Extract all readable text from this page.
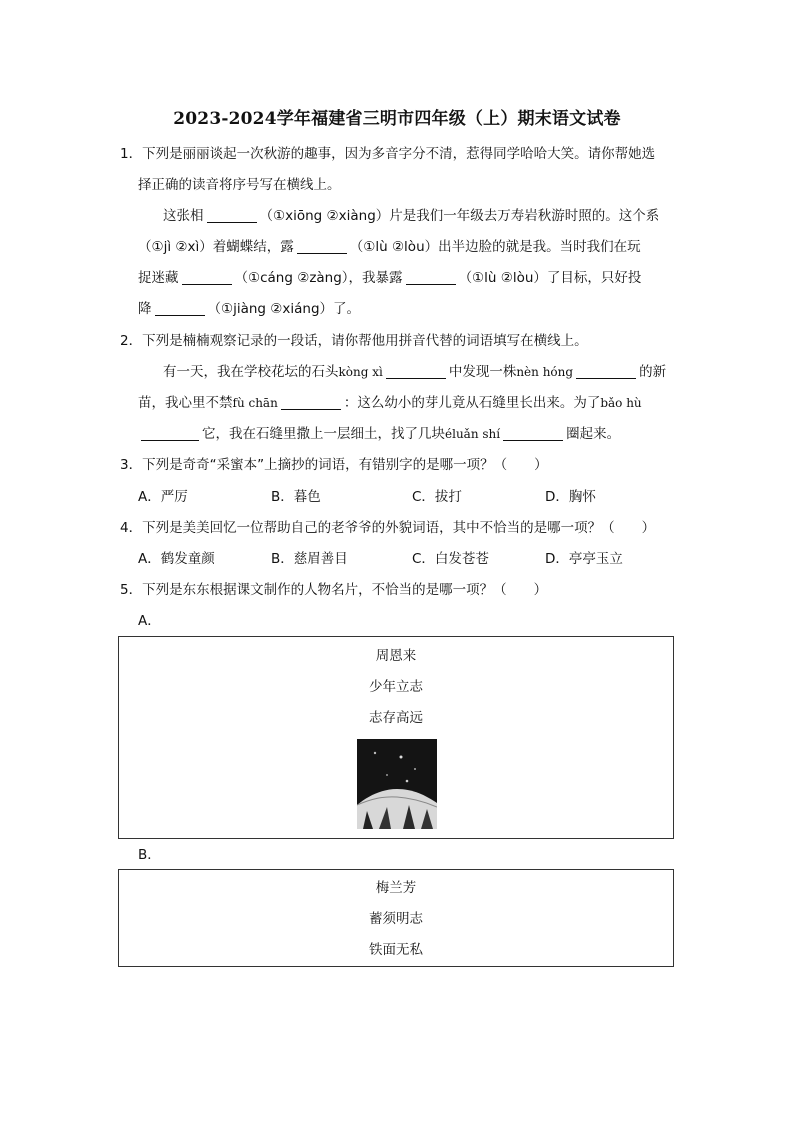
2023-2024学年福建省三明市四年级（上）期末语文试卷
1．下列是丽丽谈起一次秋游的趣事，因为多音字分不清，惹得同学哈哈大笑。请你帮她选
择正确的读音将序号写在横线上。
这张相	（①xiōng ②xiàng）片是我们一年级去万寿岩秋游时照的。这个系
（①jì ②xì）着蝴蝶结，露	（①lù ②lòu）出半边脸的就是我。当时我们在玩
捉迷藏	（①cáng ②zàng），我暴露	（①lù ②lòu）了目标，只好投
降	（①jiàng ②xiáng）了。
2．下列是楠楠观察记录的一段话，请你帮他用拼音代替的词语填写在横线上。
有一天，我在学校花坛的石头kòng xì	中发现一株nèn hóng	的新
苗，我心里不禁fù chān	：这么幼小的芽儿竟从石缝里长出来。为了bǎo hù
它，我在石缝里撒上一层细土，找了几块éluǎn shí	圈起来。
3．下列是奇奇“采蜜本”上摘抄的词语，有错别字的是哪一项？（　　）
A．严厉	B．暮色	C．拔打	D．胸怀
4．下列是美美回忆一位帮助自己的老爷爷的外貌词语，其中不恰当的是哪一项？（　　）
A．鹤发童颜	B．慈眉善目	C．白发苍苍	D．亭亭玉立
5．下列是东东根据课文制作的人物名片，不恰当的是哪一项？（　　）
A．
周恩来
少年立志
志存高远
B．
梅兰芳
蓄须明志
铁面无私
